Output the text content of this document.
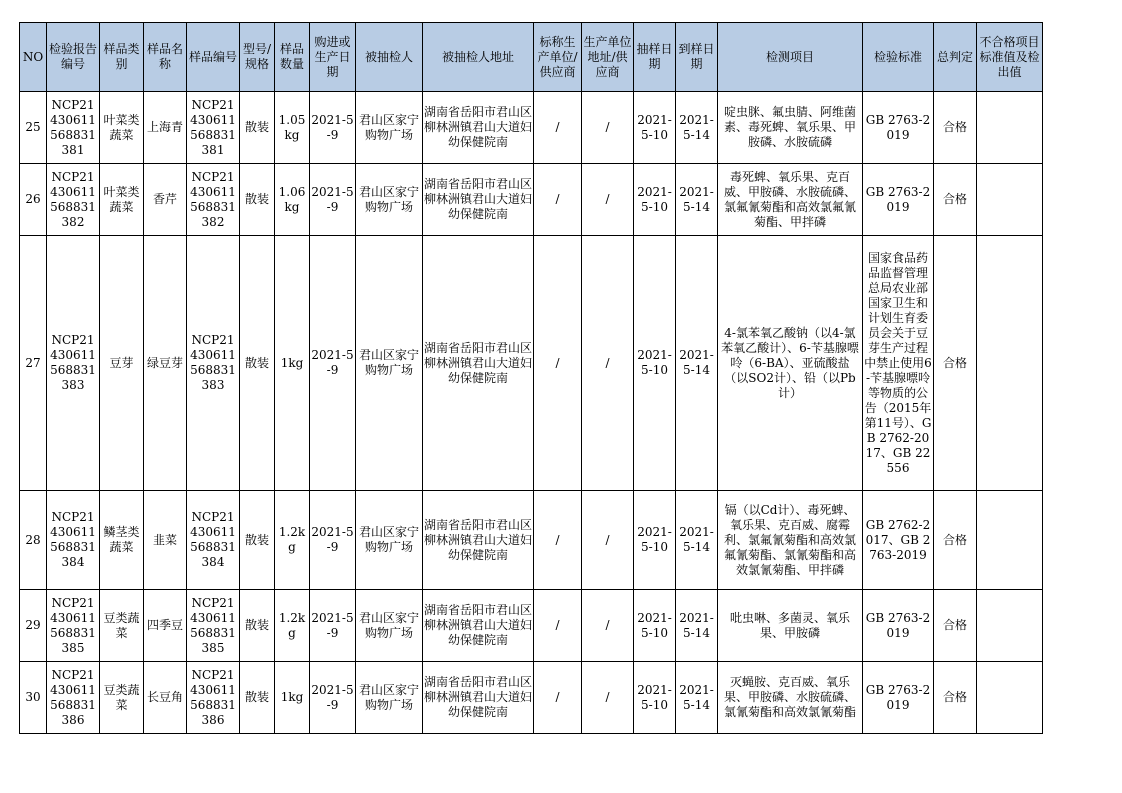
NO	检验报告编号	样品类别	样品名称	样品编号	型号/规格	样品数量	购进或生产日期	被抽检人	被抽检人地址	标称生产单位/供应商	生产单位地址/供应商	抽样日期	到样日期	检测项目	检验标准	总判定	不合格项目标准值及检出值
25	NCP21430611568831381	叶菜类蔬菜	上海青	NCP21430611568831381	散装	1.05kg	2021-5-9	君山区家宁购物广场	湖南省岳阳市君山区柳林洲镇君山大道妇幼保健院南	/	/	2021-5-10	2021-5-14	啶虫脒、氟虫腈、阿维菌素、毒死蜱、氧乐果、甲胺磷、水胺硫磷	GB 2763-2019	合格	
26	NCP21430611568831382	叶菜类蔬菜	香芹	NCP21430611568831382	散装	1.06kg	2021-5-9	君山区家宁购物广场	湖南省岳阳市君山区柳林洲镇君山大道妇幼保健院南	/	/	2021-5-10	2021-5-14	毒死蜱、氧乐果、克百威、甲胺磷、水胺硫磷、氯氟氰菊酯和高效氯氟氰菊酯、甲拌磷	GB 2763-2019	合格	
27	NCP21430611568831383	豆芽	绿豆芽	NCP21430611568831383	散装	1kg	2021-5-9	君山区家宁购物广场	湖南省岳阳市君山区柳林洲镇君山大道妇幼保健院南	/	/	2021-5-10	2021-5-14	4-氯苯氧乙酸钠（以4-氯苯氧乙酸计）、6-苄基腺嘌呤（6-BA）、亚硫酸盐（以SO2计）、铅（以Pb计）	国家食品药品监督管理总局农业部国家卫生和计划生育委员会关于豆芽生产过程中禁止使用6-苄基腺嘌呤等物质的公告（2015年第11号）、GB 2762-2017、GB 22556	合格	
28	NCP21430611568831384	鳞茎类蔬菜	韭菜	NCP21430611568831384	散装	1.2kg	2021-5-9	君山区家宁购物广场	湖南省岳阳市君山区柳林洲镇君山大道妇幼保健院南	/	/	2021-5-10	2021-5-14	镉（以Cd计）、毒死蜱、氧乐果、克百威、腐霉利、氯氟氰菊酯和高效氯氟氰菊酯、氯氰菊酯和高效氯氰菊酯、甲拌磷	GB 2762-2017、GB 2763-2019	合格	
29	NCP21430611568831385	豆类蔬菜	四季豆	NCP21430611568831385	散装	1.2kg	2021-5-9	君山区家宁购物广场	湖南省岳阳市君山区柳林洲镇君山大道妇幼保健院南	/	/	2021-5-10	2021-5-14	吡虫啉、多菌灵、氧乐果、甲胺磷	GB 2763-2019	合格	
30	NCP21430611568831386	豆类蔬菜	长豆角	NCP21430611568831386	散装	1kg	2021-5-9	君山区家宁购物广场	湖南省岳阳市君山区柳林洲镇君山大道妇幼保健院南	/	/	2021-5-10	2021-5-14	灭蝇胺、克百威、氧乐果、甲胺磷、水胺硫磷、氯氰菊酯和高效氯氰菊酯	GB 2763-2019	合格	
